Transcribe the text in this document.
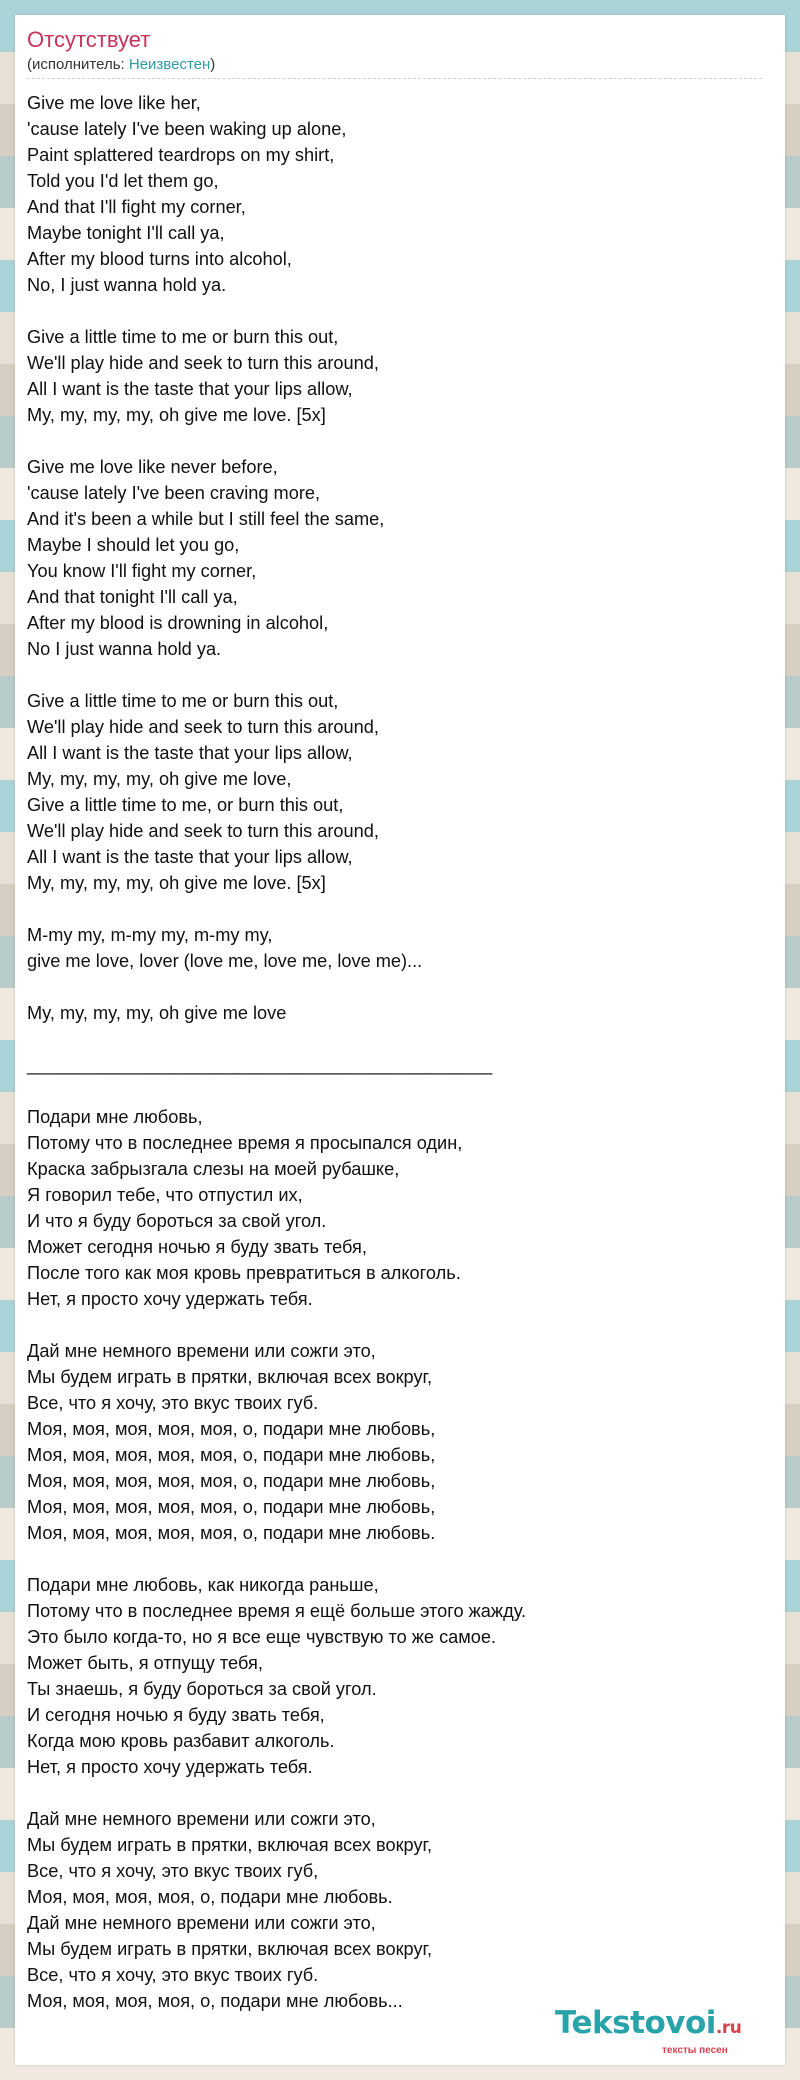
Отсутствует
(исполнитель: Неизвестен)
Give me love like her,
'cause lately I've been waking up alone,
Paint splattered teardrops on my shirt,
Told you I'd let them go,
And that I'll fight my corner,
Maybe tonight I'll call ya,
After my blood turns into alcohol,
No, I just wanna hold ya.
Give a little time to me or burn this out,
We'll play hide and seek to turn this around,
All I want is the taste that your lips allow,
My, my, my, my, oh give me love. [5x]
Give me love like never before,
'cause lately I've been craving more,
And it's been a while but I still feel the same,
Maybe I should let you go,
You know I'll fight my corner,
And that tonight I'll call ya,
After my blood is drowning in alcohol,
No I just wanna hold ya.
Give a little time to me or burn this out,
We'll play hide and seek to turn this around,
All I want is the taste that your lips allow,
My, my, my, my, oh give me love,
Give a little time to me, or burn this out,
We'll play hide and seek to turn this around,
All I want is the taste that your lips allow,
My, my, my, my, oh give me love. [5x]
M-my my, m-my my, m-my my,
give me love, lover (love me, love me, love me)...
My, my, my, my, oh give me love
______________________________________________
Подари мне любовь,
Потому что в последнее время я просыпался один,
Краска забрызгала слезы на моей рубашке,
Я говорил тебе, что отпустил их,
И что я буду бороться за свой угол.
Может сегодня ночью я буду звать тебя,
После того как моя кровь превратиться в алкоголь.
Нет, я просто хочу удержать тебя.
Дай мне немного времени или сожги это,
Мы будем играть в прятки, включая всех вокруг,
Все, что я хочу, это вкус твоих губ.
Моя, моя, моя, моя, моя, о, подари мне любовь,
Моя, моя, моя, моя, моя, о, подари мне любовь,
Моя, моя, моя, моя, моя, о, подари мне любовь,
Моя, моя, моя, моя, моя, о, подари мне любовь,
Моя, моя, моя, моя, моя, о, подари мне любовь.
Подари мне любовь, как никогда раньше,
Потому что в последнее время я ещё больше этого жажду.
Это было когда-то, но я все еще чувствую то же самое.
Может быть, я отпущу тебя,
Ты знаешь, я буду бороться за свой угол.
И сегодня ночью я буду звать тебя,
Когда мою кровь разбавит алкоголь.
Нет, я просто хочу удержать тебя.
Дай мне немного времени или сожги это,
Мы будем играть в прятки, включая всех вокруг,
Все, что я хочу, это вкус твоих губ,
Моя, моя, моя, моя, о, подари мне любовь.
Дай мне немного времени или сожги это,
Мы будем играть в прятки, включая всех вокруг,
Все, что я хочу, это вкус твоих губ.
Моя, моя, моя, моя, о, подари мне любовь...
Tekstovoi.ru
тексты песен
